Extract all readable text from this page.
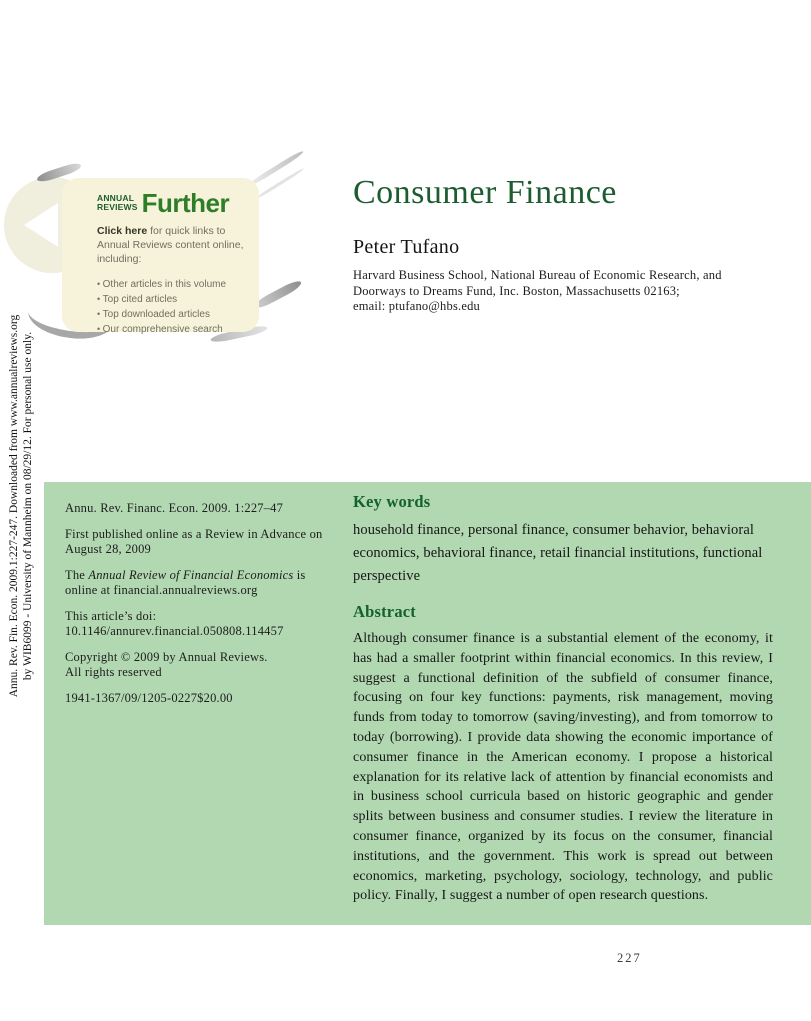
Annu. Rev. Fin. Econ. 2009.1:227-247. Downloaded from www.annualreviews.org by WIB6099 - University of Mannheim on 08/29/12. For personal use only.
ANNUAL
REVIEWS Further
Click here for quick links to
Annual Reviews content online,
including:
• Other articles in this volume
• Top cited articles
• Top downloaded articles
• Our comprehensive search
Consumer Finance
Peter Tufano
Harvard Business School, National Bureau of Economic Research, and
Doorways to Dreams Fund, Inc. Boston, Massachusetts 02163;
email: ptufano@hbs.edu

Annu. Rev. Financ. Econ. 2009. 1:227–47

First published online as a Review in Advance on
August 28, 2009

The Annual Review of Financial Economics is
online at financial.annualreviews.org

This article’s doi:
10.1146/annurev.financial.050808.114457

Copyright © 2009 by Annual Reviews.
All rights reserved

1941-1367/09/1205-0227$20.00

Key words

household finance, personal finance, consumer behavior, behavioral economics, behavioral finance, retail financial institutions, functional perspective

Abstract

Although consumer finance is a substantial element of the economy, it has had a smaller footprint within financial economics. In this review, I suggest a functional definition of the subfield of consumer finance, focusing on four key functions: payments, risk management, moving funds from today to tomorrow (saving/investing), and from tomorrow to today (borrowing). I provide data showing the economic importance of consumer finance in the American economy. I propose a historical explanation for its relative lack of attention by financial economists and in business school curricula based on historic geographic and gender splits between business and consumer studies. I review the literature in consumer finance, organized by its focus on the consumer, financial institutions, and the government. This work is spread out between economics, marketing, psychology, sociology, technology, and public policy. Finally, I suggest a number of open research questions.

227
